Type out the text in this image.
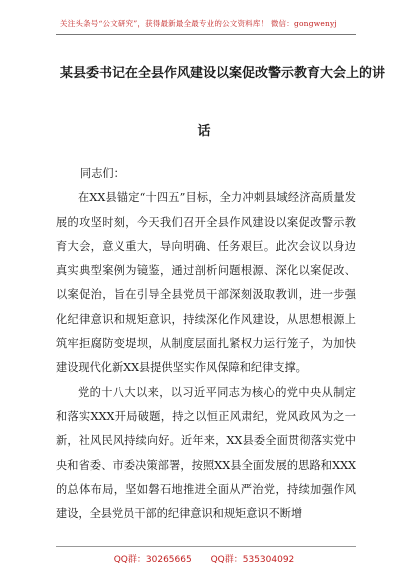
关注头条号“公文研究”，获得最新最全最专业的公文资料库！ 微信：gongwenyj
某县委书记在全县作风建设以案促改警示教育大会上的讲
话

同志们：

在XX县锚定“十四五”目标，全力冲刺县域经济高质量发展的攻坚时刻，今天我们召开全县作风建设以案促改警示教育大会，意义重大，导向明确、任务艰巨。此次会议以身边真实典型案例为镜鉴，通过剖析问题根源、深化以案促改、以案促治，旨在引导全县党员干部深刻汲取教训，进一步强化纪律意识和规矩意识，持续深化作风建设，从思想根源上筑牢拒腐防变堤坝，从制度层面扎紧权力运行笼子，为加快建设现代化新XX县提供坚实作风保障和纪律支撑。

党的十八大以来，以习近平同志为核心的党中央从制定和落实XXX开局破题，持之以恒正风肃纪，党风政风为之一新，社风民风持续向好。近年来，XX县委全面贯彻落实党中央和省委、市委决策部署，按照XX县全面发展的思路和XXX的总体布局，坚如磐石地推进全面从严治党，持续加强作风建设，全县党员干部的纪律意识和规矩意识不断增

QQ群：30265665 QQ群：535304092
